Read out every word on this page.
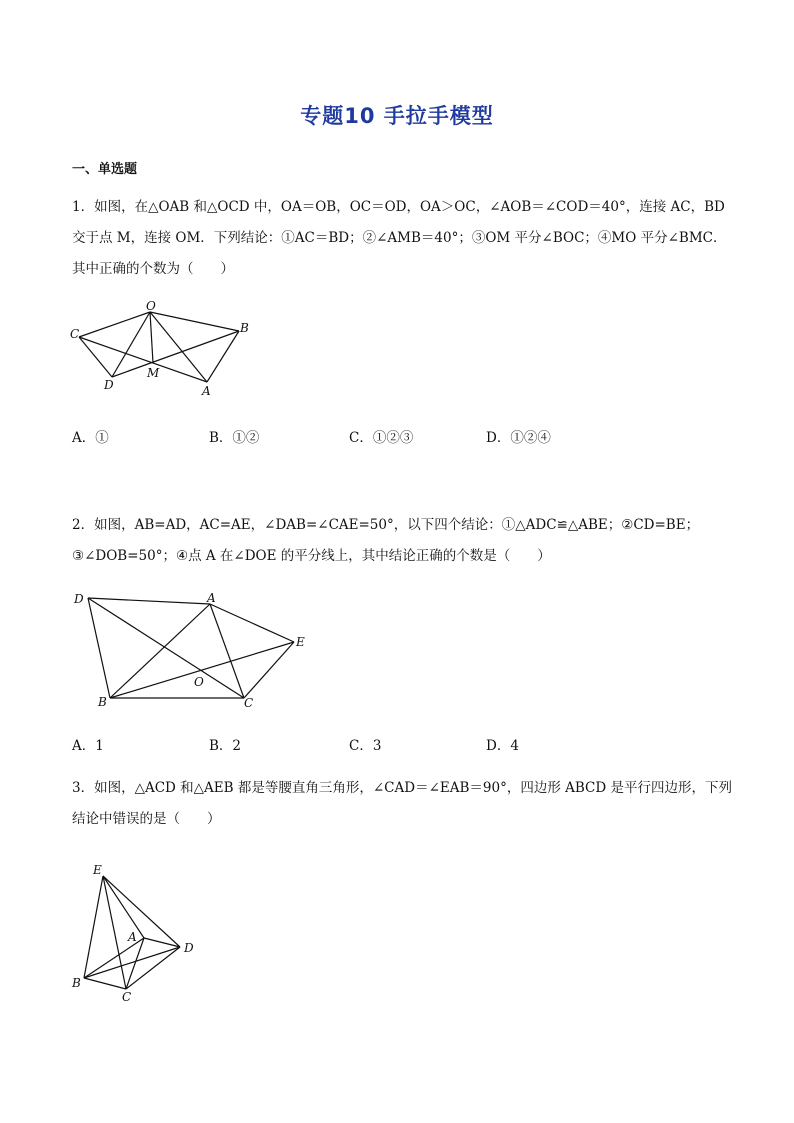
专题10 手拉手模型
一、单选题
1．如图，在△OAB 和△OCD 中，OA＝OB，OC＝OD，OA＞OC，∠AOB＝∠COD＝40°，连接 AC，BD 交于点 M，连接 OM．下列结论：①AC＝BD；②∠AMB＝40°；③OM 平分∠BOC；④MO 平分∠BMC．其中正确的个数为（　　）
O
C	B
D
M
A
A．①	B．①②	C．①②③	D．①②④
2．如图，AB=AD，AC=AE，∠DAB=∠CAE=50°，以下四个结论：①△ADC≌△ABE；②CD=BE；③∠DOB=50°；④点 A 在∠DOE 的平分线上，其中结论正确的个数是（　　）
D	A
E
O
B	C
A．1	B．2	C．3	D．4
3．如图，△ACD 和△AEB 都是等腰直角三角形，∠CAD＝∠EAB＝90°，四边形 ABCD 是平行四边形，下列结论中错误的是（　　）
E
A
D
B
C
